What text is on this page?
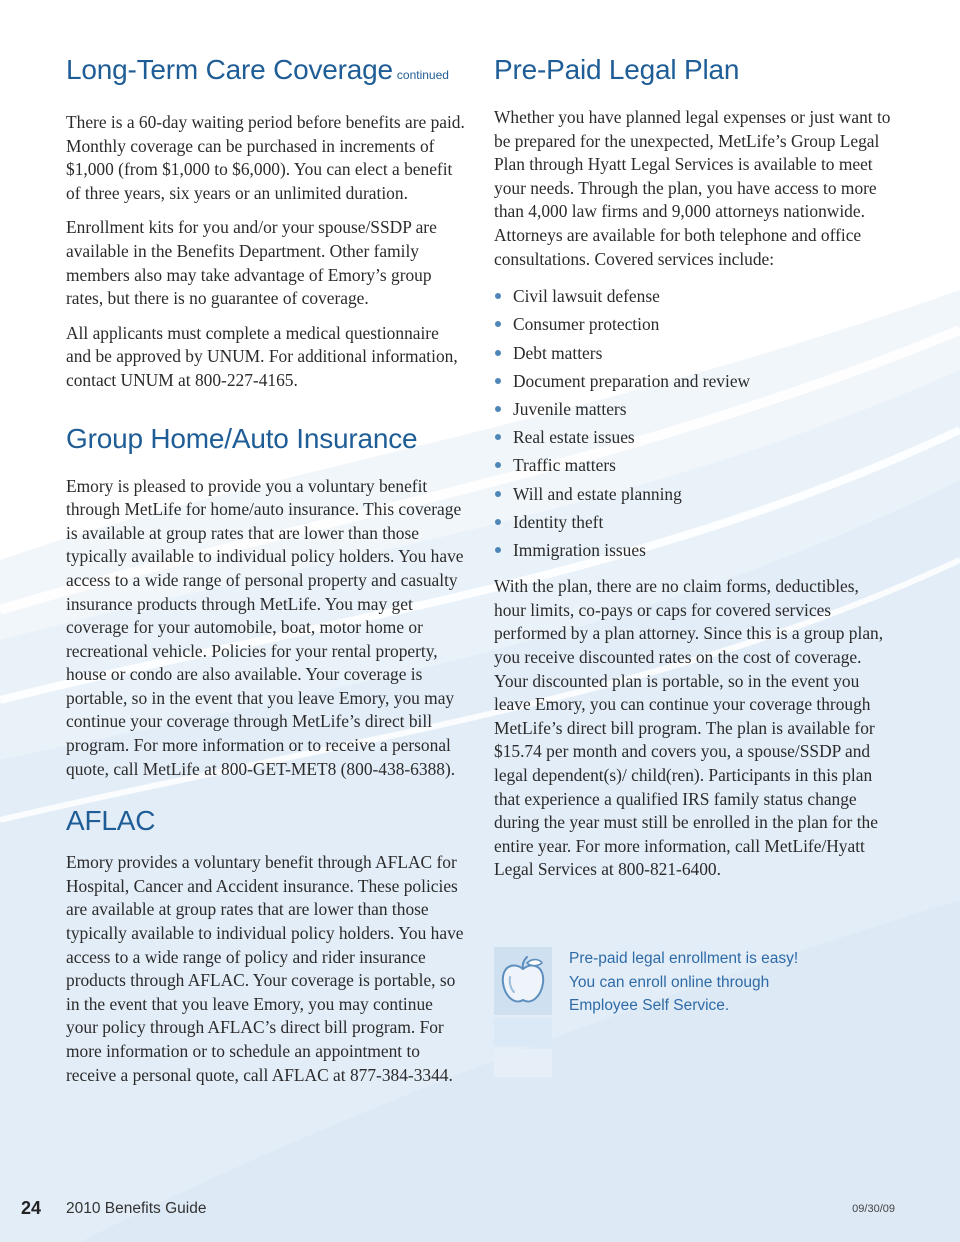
Long-Term Care Coverage continued

There is a 60-day waiting period before benefits are paid. Monthly coverage can be purchased in increments of $1,000 (from $1,000 to $6,000). You can elect a benefit of three years, six years or an unlimited duration.

Enrollment kits for you and/or your spouse/SSDP are available in the Benefits Department. Other family members also may take advantage of Emory’s group rates, but there is no guarantee of coverage.

All applicants must complete a medical questionnaire and be approved by UNUM. For additional information, contact UNUM at 800-227-4165.

Group Home/Auto Insurance

Emory is pleased to provide you a voluntary benefit through MetLife for home/auto insurance. This coverage is available at group rates that are lower than those typically available to individual policy holders. You have access to a wide range of personal property and casualty insurance products through MetLife. You may get coverage for your automobile, boat, motor home or recreational vehicle. Policies for your rental property, house or condo are also available. Your coverage is portable, so in the event that you leave Emory, you may continue your coverage through MetLife’s direct bill program. For more information or to receive a personal quote, call MetLife at 800-GET-MET8 (800-438-6388).

AFLAC

Emory provides a voluntary benefit through AFLAC for Hospital, Cancer and Accident insurance. These policies are available at group rates that are lower than those typically available to individual policy holders. You have access to a wide range of policy and rider insurance products through AFLAC. Your coverage is portable, so in the event that you leave Emory, you may continue your policy through AFLAC’s direct bill program. For more information or to schedule an appointment to receive a personal quote, call AFLAC at 877-384-3344.

Pre-Paid Legal Plan

Whether you have planned legal expenses or just want to be prepared for the unexpected, MetLife’s Group Legal Plan through Hyatt Legal Services is available to meet your needs. Through the plan, you have access to more than 4,000 law firms and 9,000 attorneys nationwide. Attorneys are available for both telephone and office consultations. Covered services include:

Civil lawsuit defense
Consumer protection
Debt matters
Document preparation and review
Juvenile matters
Real estate issues
Traffic matters
Will and estate planning
Identity theft
Immigration issues

With the plan, there are no claim forms, deductibles, hour limits, co-pays or caps for covered services performed by a plan attorney. Since this is a group plan, you receive discounted rates on the cost of coverage. Your discounted plan is portable, so in the event you leave Emory, you can continue your coverage through MetLife’s direct bill program. The plan is available for $15.74 per month and covers you, a spouse/SSDP and legal dependent(s)/ child(ren). Participants in this plan that experience a qualified IRS family status change during the year must still be enrolled in the plan for the entire year. For more information, call MetLife/Hyatt Legal Services at 800-821-6400.

Pre-paid legal enrollment is easy!
You can enroll online through
Employee Self Service.
24 2010 Benefits Guide	09/30/09
